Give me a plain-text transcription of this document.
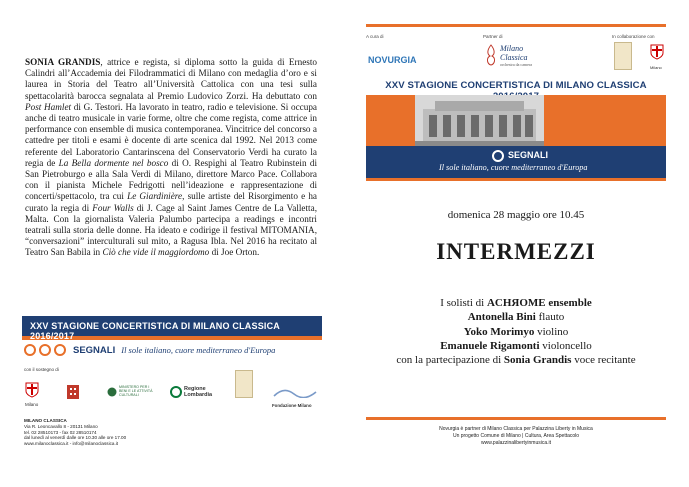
SONIA GRANDIS, attrice e regista, si diploma sotto la guida di Ernesto Calindri all’Accademia dei Filodrammatici di Milano con medaglia d’oro e si laurea in Storia del Teatro all’Università Cattolica con una tesi sulla spettacolarità barocca segnalata al Premio Ludovico Zorzi. Ha debuttato con Post Hamlet di G. Testori. Ha lavorato in teatro, radio e televisione. Si occupa anche di teatro musicale in varie forme, oltre che come regista, come attrice in performance con ensemble di musica contemporanea. Vincitrice del concorso a cattedre per titoli e esami è docente di arte scenica dal 1992. Nel 2013 come referente del Laboratorio Cantarinscena del Conservatorio Verdi ha curato la regia de La Bella dormente nel bosco di O. Respighi al Teatro Rubinstein di San Pietroburgo e alla Sala Verdi di Milano, direttore Marco Pace. Collabora con il pianista Michele Fedrigotti nell’ideazione e rappresentazione di concerti/spettacolo, tra cui Le Giardinière, sulle artiste del Risorgimento e ha curato la regia di Four Walls di J. Cage al Saint James Centre de La Valletta, Malta. Con la giornalista Valeria Palumbo partecipa a readings e incontri teatrali sulla storia delle donne. Ha ideato e codirige il festival MITOMANIA, “conversazioni” interculturali sul mito, a Ragusa Ibla. Nel 2016 ha recitato al Teatro San Babila in Ciò che vide il maggiordomo di Joe Orton.
XXV STAGIONE CONCERTISTICA DI MILANO CLASSICA 2016/2017
SEGNALI Il sole italiano, cuore mediterraneo d'Europa
con il sostegno di
Milano
MINISTERO PER I BENI E LE ATTIVITÀ CULTURALI
Regione Lombardia
Fondazione Milano
MILANO CLASSICA
Via R. Leoncavallo 8 - 20131 Milano
tel. 02 28510173 - fax 02 28510174
dal lunedì al venerdì dalle ore 10.30 alle ore 17.00
www.milanoclassica.it - info@milanoclassica.it
A cura di	Partner di	In collaborazione con
NOVURGIA
Milano Classica
orchestra da camera
Milano
XXV STAGIONE CONCERTISTICA DI MILANO CLASSICA
SEGNALI
Il sole italiano, cuore mediterraneo d'Europa
domenica 28 maggio ore 10.45
INTERMEZZI
I solisti di ACHЯOME ensemble
Antonella Bini flauto
Yoko Morimyo violino
Emanuele Rigamonti violoncello
con la partecipazione di Sonia Grandis voce recitante
Novurgia è partner di Milano Classica per Palazzina Liberty in Musica
Un progetto Comune di Milano | Cultura, Area Spettacolo
www.palazzinalibertyinmusica.it
